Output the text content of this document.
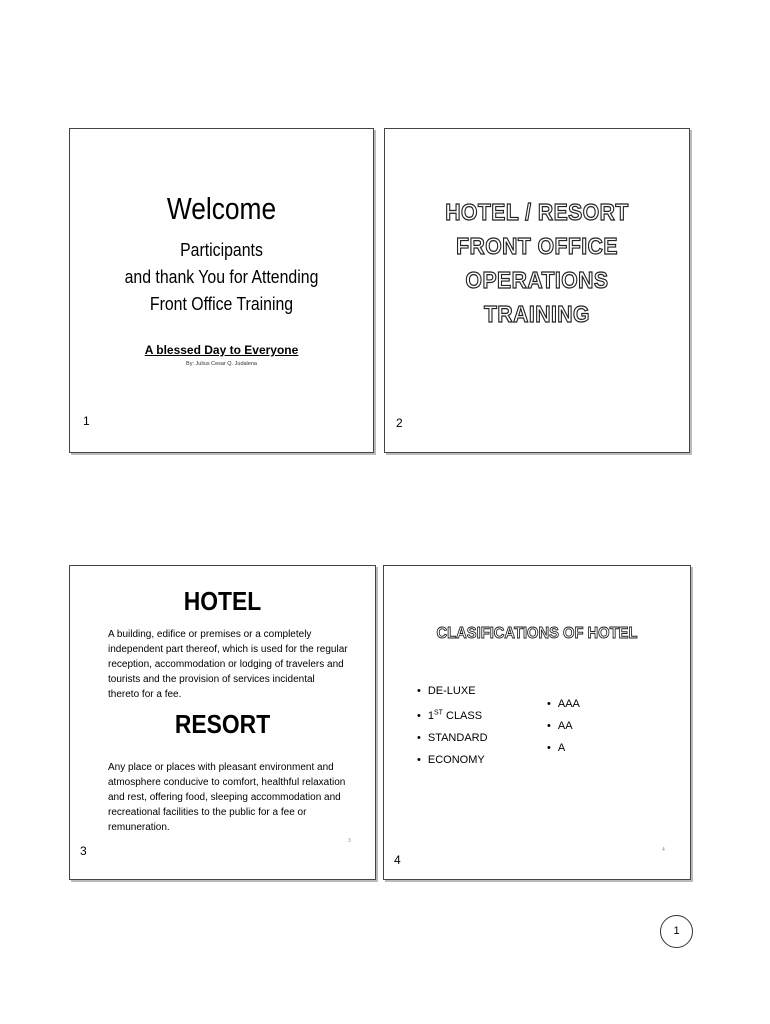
Welcome
Participants
and thank You for Attending
Front Office Training
A blessed Day to Everyone
By: Julius Cesar Q. Judalena
1
HOTEL / RESORT
FRONT OFFICE
OPERATIONS
TRAINING
2
HOTEL
A building, edifice or premises or a completely independent part thereof, which is used for the regular reception, accommodation or lodging of travelers and tourists and the provision of services incidental thereto for a fee.
RESORT
Any place or places with pleasant environment and atmosphere conducive to comfort, healthful relaxation and rest, offering food, sleeping accommodation and recreational facilities to the public for a fee or remuneration.
3
3
CLASIFICATIONS OF HOTEL
• DE-LUXE
• 1ST CLASS
• STANDARD
• ECONOMY
• AAA
• AA
• A
4
4
1
